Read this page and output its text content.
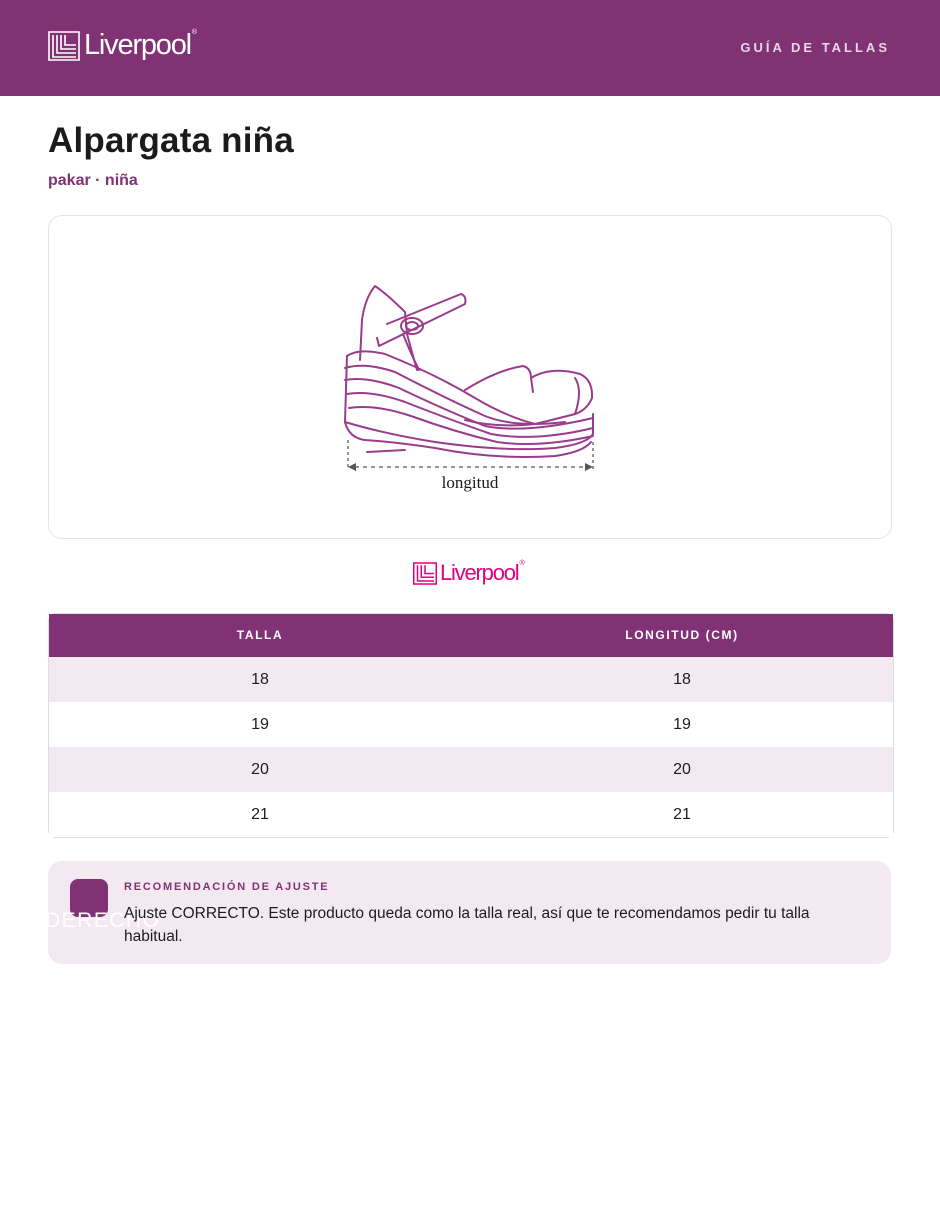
Liverpool®
GUÍA DE TALLAS
Alpargata niña
pakar · niña
longitud
Liverpool®
TALLA	LONGITUD (CM)
18	18
19	19
20	20
21	21
DERECHO
RECOMENDACIÓN DE AJUSTE
Ajuste CORRECTO. Este producto queda como la talla real, así que te recomendamos pedir tu talla habitual.
